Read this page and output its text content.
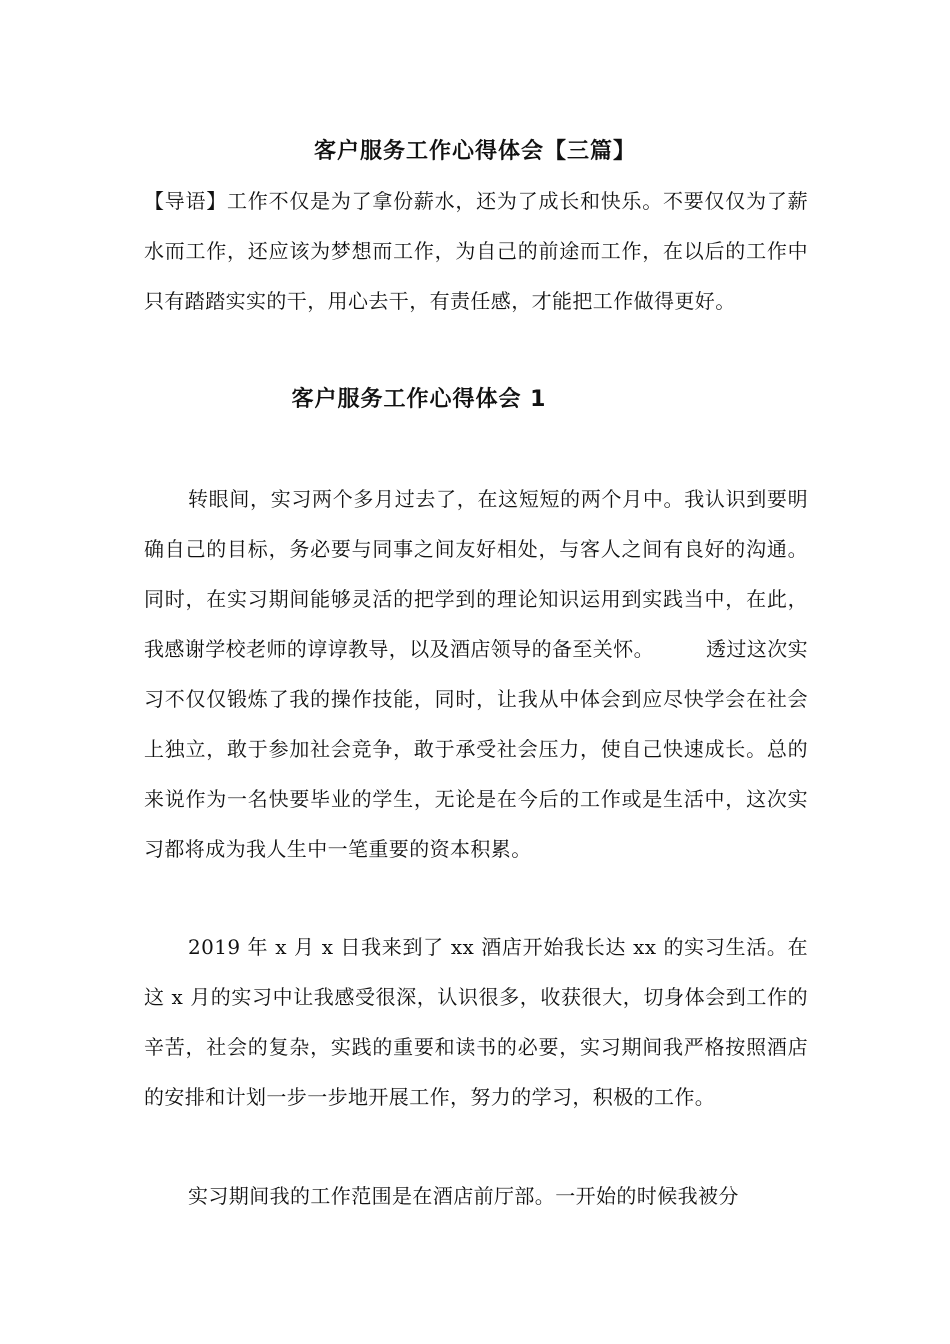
客户服务工作心得体会【三篇】

【导语】工作不仅是为了拿份薪水，还为了成长和快乐。不要仅仅为了薪水而工作，还应该为梦想而工作，为自己的前途而工作，在以后的工作中只有踏踏实实的干，用心去干，有责任感，才能把工作做得更好。

客户服务工作心得体会 1

转眼间，实习两个多月过去了，在这短短的两个月中。我认识到要明确自己的目标，务必要与同事之间友好相处，与客人之间有良好的沟通。同时，在实习期间能够灵活的把学到的理论知识运用到实践当中，在此，我感谢学校老师的谆谆教导，以及酒店领导的备至关怀。	透过这次实习不仅仅锻炼了我的操作技能，同时，让我从中体会到应尽快学会在社会上独立，敢于参加社会竞争，敢于承受社会压力，使自己快速成长。总的来说作为一名快要毕业的学生，无论是在今后的工作或是生活中，这次实习都将成为我人生中一笔重要的资本积累。

2019 年 x 月 x 日我来到了 xx 酒店开始我长达 xx 的实习生活。在这 x 月的实习中让我感受很深，认识很多，收获很大，切身体会到工作的辛苦，社会的复杂，实践的重要和读书的必要，实习期间我严格按照酒店的安排和计划一步一步地开展工作，努力的学习，积极的工作。

实习期间我的工作范围是在酒店前厅部。一开始的时候我被分
